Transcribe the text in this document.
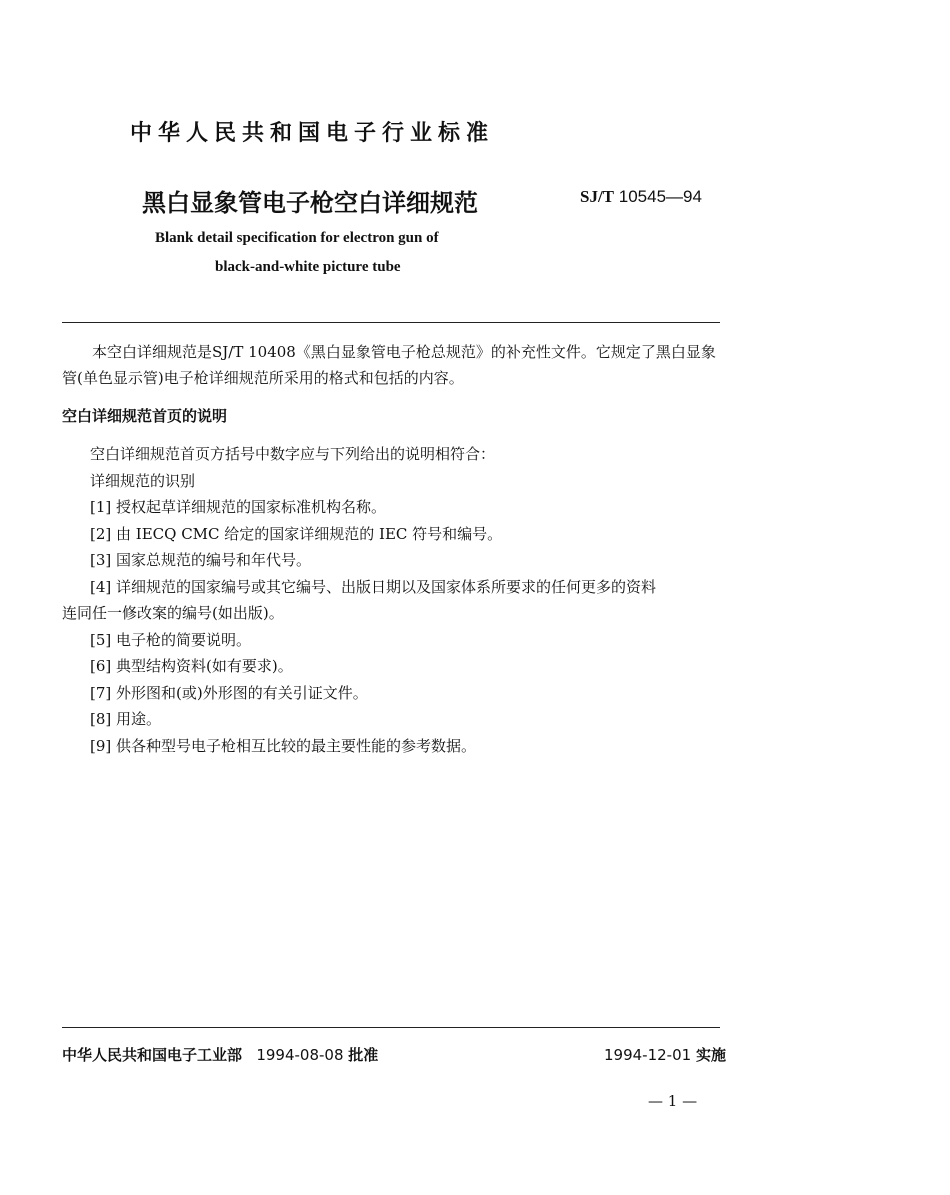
中华人民共和国电子行业标准
黑白显象管电子枪空白详细规范	SJ/T 10545—94
Blank detail specification for electron gun of
black-and-white picture tube
本空白详细规范是SJ/T 10408《黑白显象管电子枪总规范》的补充性文件。它规定了黑白显象管(单色显示管)电子枪详细规范所采用的格式和包括的内容。
空白详细规范首页的说明
空白详细规范首页方括号中数字应与下列给出的说明相符合：
详细规范的识别
[1] 授权起草详细规范的国家标准机构名称。
[2] 由 IECQ CMC 给定的国家详细规范的 IEC 符号和编号。
[3] 国家总规范的编号和年代号。
[4] 详细规范的国家编号或其它编号、出版日期以及国家体系所要求的任何更多的资料
连同任一修改案的编号(如出版)。
[5] 电子枪的简要说明。
[6] 典型结构资料(如有要求)。
[7] 外形图和(或)外形图的有关引证文件。
[8] 用途。
[9] 供各种型号电子枪相互比较的最主要性能的参考数据。
中华人民共和国电子工业部 1994-08-08 批准	1994-12-01 实施
— 1 —
